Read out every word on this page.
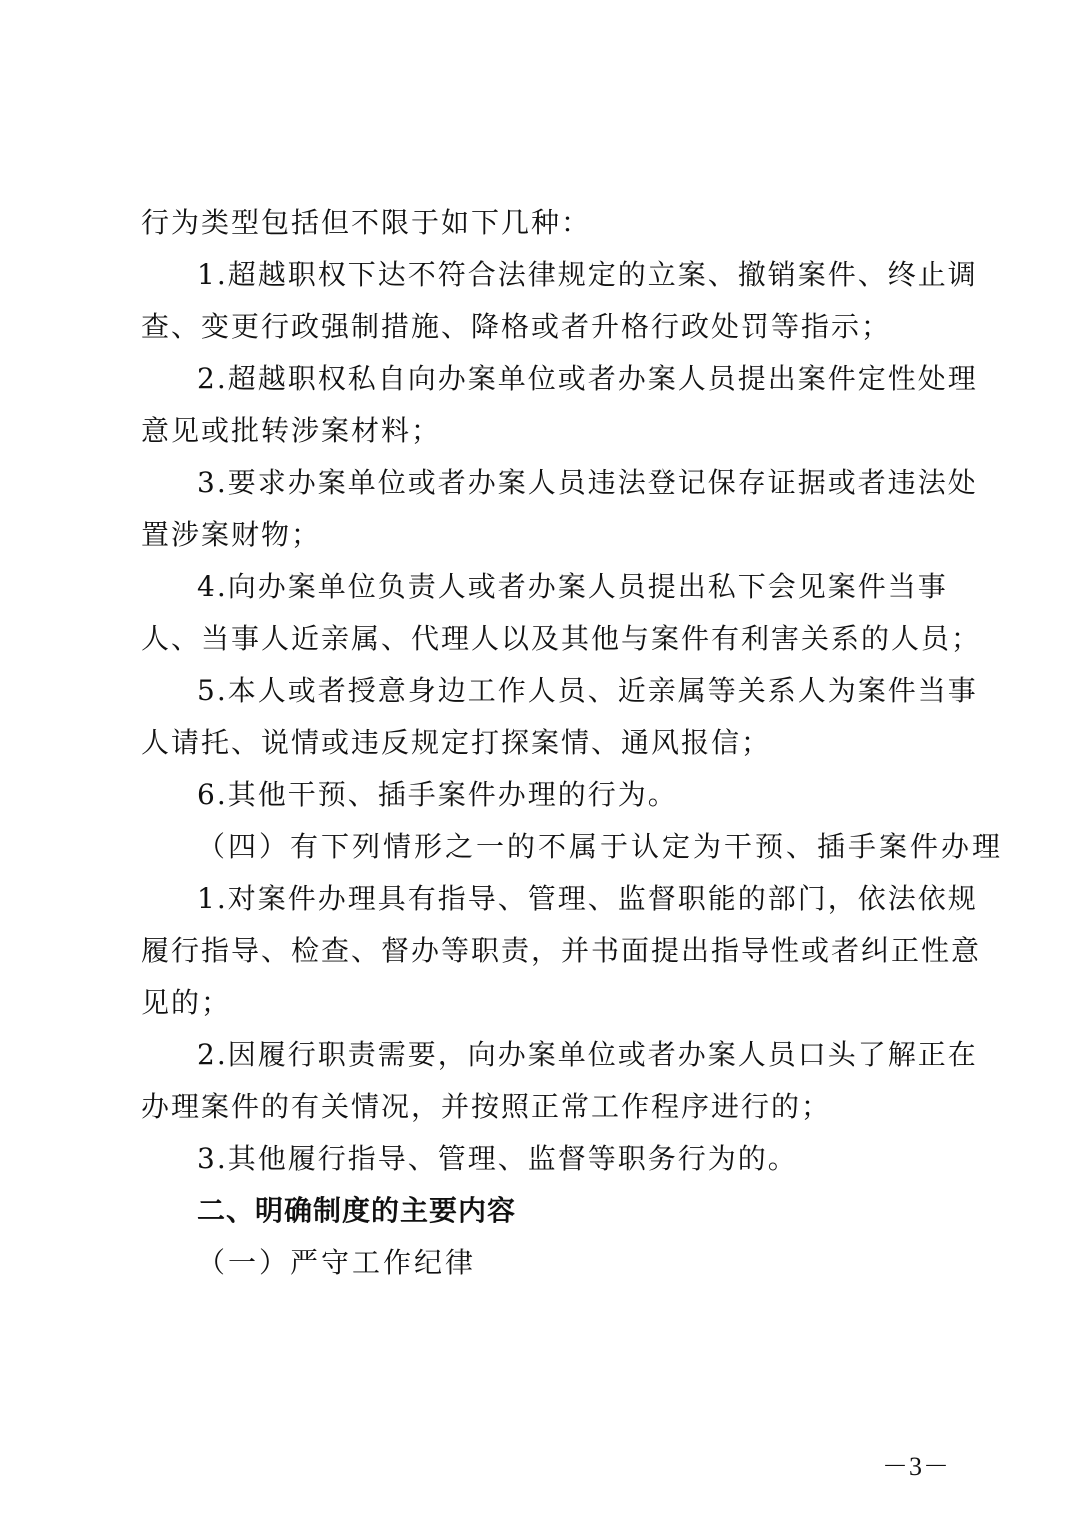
行为类型包括但不限于如下几种：
1.超越职权下达不符合法律规定的立案、撤销案件、终止调
查、变更行政强制措施、降格或者升格行政处罚等指示；
2.超越职权私自向办案单位或者办案人员提出案件定性处理
意见或批转涉案材料；
3.要求办案单位或者办案人员违法登记保存证据或者违法处
置涉案财物；
4.向办案单位负责人或者办案人员提出私下会见案件当事
人、当事人近亲属、代理人以及其他与案件有利害关系的人员；
5.本人或者授意身边工作人员、近亲属等关系人为案件当事
人请托、说情或违反规定打探案情、通风报信；
6.其他干预、插手案件办理的行为。
（四）有下列情形之一的不属于认定为干预、插手案件办理
1.对案件办理具有指导、管理、监督职能的部门，依法依规
履行指导、检查、督办等职责，并书面提出指导性或者纠正性意
见的；
2.因履行职责需要，向办案单位或者办案人员口头了解正在
办理案件的有关情况，并按照正常工作程序进行的；
3.其他履行指导、管理、监督等职务行为的。
二、明确制度的主要内容
（一）严守工作纪律
－3－
